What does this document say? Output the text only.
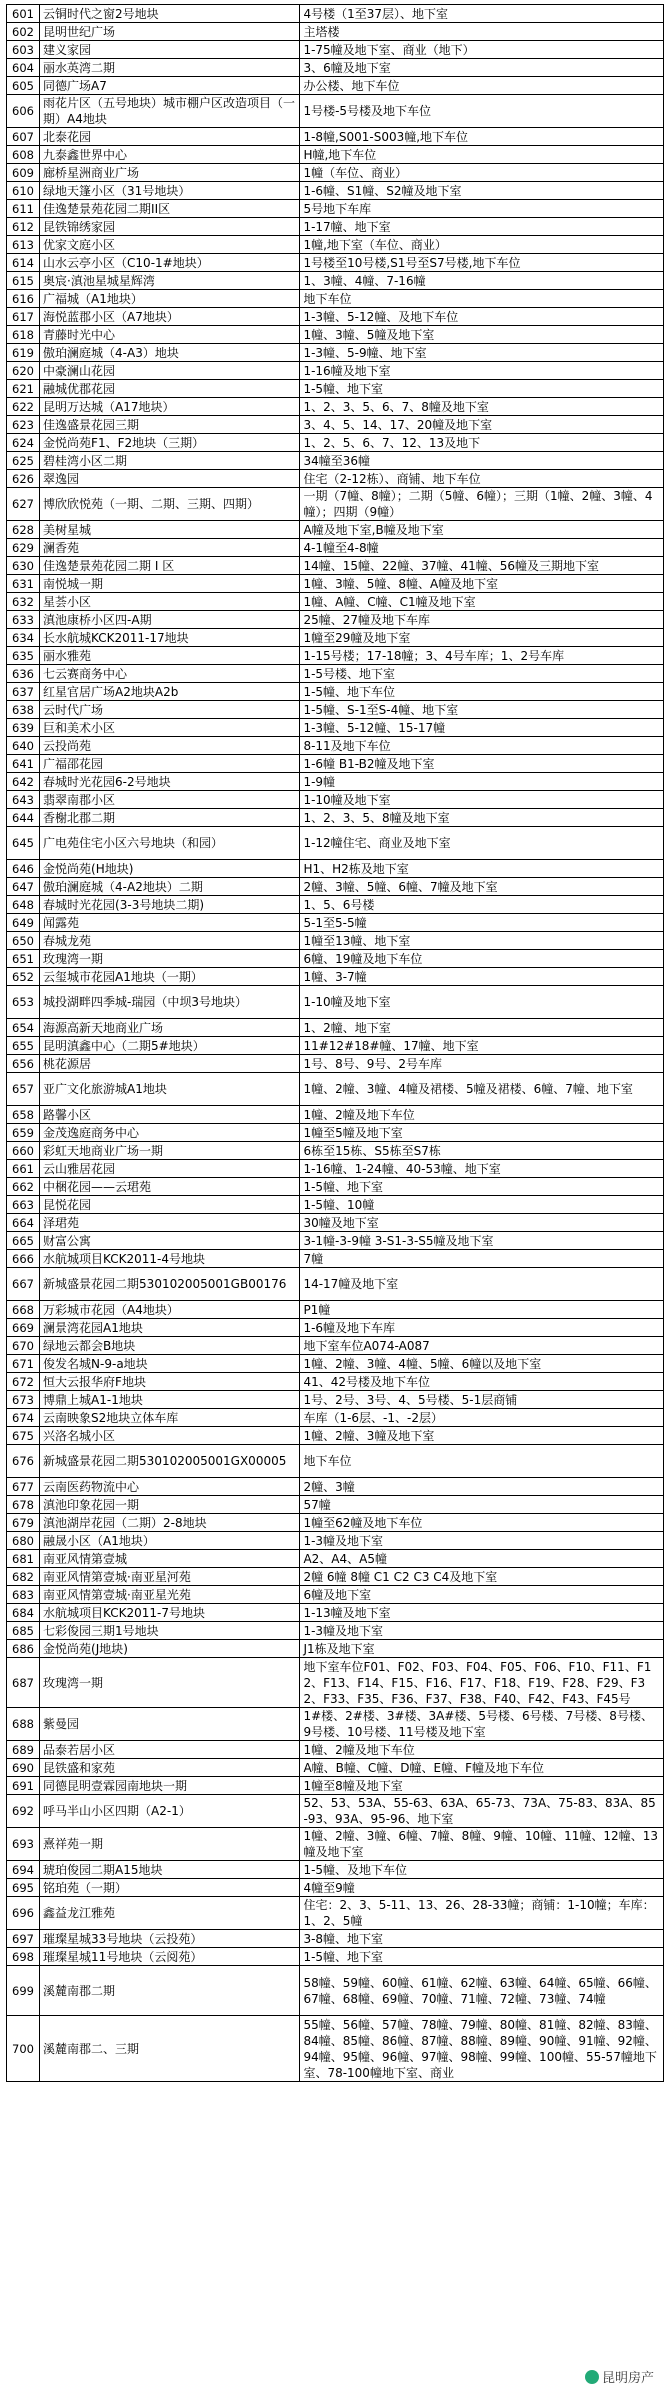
601	云铜时代之窗2号地块	4号楼（1至37层）、地下室
602	昆明世纪广场	主塔楼
603	建义家园	1-75幢及地下室、商业（地下）
604	丽水英湾二期	3、6幢及地下室
605	同德广场A7	办公楼、地下车位
606	雨花片区（五号地块）城市棚户区改造项目（一期）A4地块	1号楼-5号楼及地下车位
607	北泰花园	1-8幢,S001-S003幢,地下车位
608	九泰鑫世界中心	H幢,地下车位
609	廊桥星洲商业广场	1幢（车位、商业）
610	绿地天篷小区（31号地块）	1-6幢、S1幢、S2幢及地下室
611	佳逸楚景苑花园二期II区	5号地下车库
612	昆铁锦绣家园	1-17幢、地下室
613	优家文庭小区	1幢,地下室（车位、商业）
614	山水云亭小区（C10-1#地块）	1号楼至10号楼,S1号至S7号楼,地下车位
615	奥宸·滇池星城星辉湾	1、3幢、4幢、7-16幢
616	广福城（A1地块）	地下车位
617	海悦蓝郡小区（A7地块）	1-3幢、5-12幢、及地下车位
618	青藤时光中心	1幢、3幢、5幢及地下室
619	傲珀澜庭城（4-A3）地块	1-3幢、5-9幢、地下室
620	中豪澜山花园	1-16幢及地下室
621	融城优郡花园	1-5幢、地下室
622	昆明万达城（A17地块）	1、2、3、5、6、7、8幢及地下室
623	佳逸盛景花园三期	3、4、5、14、17、20幢及地下室
624	金悦尚苑F1、F2地块（三期）	1、2、5、6、7、12、13及地下
625	碧桂湾小区二期	34幢至36幢
626	翠逸园	住宅（2-12栋）、商铺、地下车位
627	博欣欣悦苑（一期、二期、三期、四期）	一期（7幢、8幢）；二期（5幢、6幢）；三期（1幢、2幢、3幢、4幢）；四期（9幢）
628	美树星城	A幢及地下室,B幢及地下室
629	澜香苑	4-1幢至4-8幢
630	佳逸楚景苑花园二期 I 区	14幢、15幢、22幢、37幢、41幢、56幢及三期地下室
631	南悦城一期	1幢、3幢、5幢、8幢、A幢及地下室
632	星荟小区	1幢、A幢、C幢、C1幢及地下室
633	滇池康桥小区四-A期	25幢、27幢及地下车库
634	长水航城KCK2011-17地块	1幢至29幢及地下室
635	丽水雅苑	1-15号楼；17-18幢；3、4号车库；1、2号车库
636	七云赛商务中心	1-5号楼、地下室
637	红星官居广场A2地块A2b	1-5幢、地下车位
638	云时代广场	1-5幢、S-1至S-4幢、地下室
639	巨和美术小区	1-3幢、5-12幢、15-17幢
640	云投尚苑	8-11及地下车位
641	广福邵花园	1-6幢 B1-B2幢及地下室
642	春城时光花园6-2号地块	1-9幢
643	翡翠南郡小区	1-10幢及地下室
644	香榭北郡二期	1、2、3、5、8幢及地下室
645	广电苑住宅小区六号地块（和园）	1-12幢住宅、商业及地下室
646	金悦尚苑(H地块)	H1、H2栋及地下室
647	傲珀澜庭城（4-A2地块）二期	2幢、3幢、5幢、6幢、7幢及地下室
648	春城时光花园(3-3号地块二期)	1、5、6号楼
649	闻露苑	5-1至5-5幢
650	春城龙苑	1幢至13幢、地下室
651	玫瑰湾一期	6幢、19幢及地下车位
652	云玺城市花园A1地块（一期）	1幢、3-7幢
653	城投湖畔四季城-瑞园（中坝3号地块）	1-10幢及地下室
654	海源高新天地商业广场	1、2幢、地下室
655	昆明滇鑫中心（二期5#地块）	11#12#18#幢、17幢、地下室
656	桃花源居	1号、8号、9号、2号车库
657	亚广文化旅游城A1地块	1幢、2幢、3幢、4幢及裙楼、5幢及裙楼、6幢、7幢、地下室
658	路馨小区	1幢、2幢及地下车位
659	金茂逸庭商务中心	1幢至5幢及地下室
660	彩虹天地商业广场一期	6栋至15栋、S5栋至S7栋
661	云山雅居花园	1-16幢、1-24幢、40-53幢、地下室
662	中梱花园——云珺苑	1-5幢、地下室
663	昆悦花园	1-5幢、10幢
664	泽珺苑	30幢及地下室
665	财富公寓	3-1幢-3-9幢 3-S1-3-S5幢及地下室
666	水航城项目KCK2011-4号地块	7幢
667	新城盛景花园二期530102005001GB00176	14-17幢及地下室
668	万彩城市花园（A4地块）	P1幢
669	澜景湾花园A1地块	1-6幢及地下车库
670	绿地云都会B地块	地下室车位A074-A087
671	俊发名城N-9-a地块	1幢、2幢、3幢、4幢、5幢、6幢以及地下室
672	恒大云报华府F地块	41、42号楼及地下车位
673	博鼎上城A1-1地块	1号、2号、3号、4、5号楼、5-1层商铺
674	云南映象S2地块立体车库	车库（1-6层、-1、-2层）
675	兴洛名城小区	1幢、2幢、3幢及地下室
676	新城盛景花园二期530102005001GX00005	地下车位
677	云南医药物流中心	2幢、3幢
678	滇池印象花园一期	57幢
679	滇池湖岸花园（二期）2-8地块	1幢至62幢及地下车位
680	融晟小区（A1地块）	1-3幢及地下室
681	南亚风情第壹城	A2、A4、A5幢
682	南亚风情第壹城·南亚星河苑	2幢 6幢 8幢 C1 C2 C3 C4及地下室
683	南亚风情第壹城·南亚星光苑	6幢及地下室
684	水航城项目KCK2011-7号地块	1-13幢及地下室
685	七彩俊园三期1号地块	1-3幢及地下室
686	金悦尚苑(J地块)	J1栋及地下室
687	玫瑰湾一期	地下室车位F01、F02、F03、F04、F05、F06、F10、F11、F12、F13、F14、F15、F16、F17、F18、F19、F28、F29、F32、F33、F35、F36、F37、F38、F40、F42、F43、F45号
688	紫曼园	1#楼、2#楼、3#楼、3A#楼、5号楼、6号楼、7号楼、8号楼、9号楼、10号楼、11号楼及地下室
689	品泰若居小区	1幢、2幢及地下车位
690	昆铁盛和家苑	A幢、B幢、C幢、D幢、E幢、F幢及地下车位
691	同德昆明壹霖园南地块一期	1幢至8幢及地下室
692	呼马半山小区四期（A2-1）	52、53、53A、55-63、63A、65-73、73A、75-83、83A、85-93、93A、95-96、地下室
693	熹祥苑一期	1幢、2幢、3幢、6幢、7幢、8幢、9幢、10幢、11幢、12幢、13幢及地下室
694	琥珀俊园二期A15地块	1-5幢、及地下车位
695	铭珀苑（一期）	4幢至9幢
696	鑫益龙江雅苑	住宅：2、3、5-11、13、26、28-33幢；商铺：1-10幢；车库：1、2、5幢
697	璀璨星城33号地块（云投苑）	3-8幢、地下室
698	璀璨星城11号地块（云阅苑）	1-5幢、地下室
699	溪麓南郡二期	58幢、59幢、60幢、61幢、62幢、63幢、64幢、65幢、66幢、67幢、68幢、69幢、70幢、71幢、72幢、73幢、74幢
700	溪麓南郡二、三期	55幢、56幢、57幢、78幢、79幢、80幢、81幢、82幢、83幢、84幢、85幢、86幢、87幢、88幢、89幢、90幢、91幢、92幢、94幢、95幢、96幢、97幢、98幢、99幢、100幢、55-57幢地下室、78-100幢地下室、商业
昆明房产
